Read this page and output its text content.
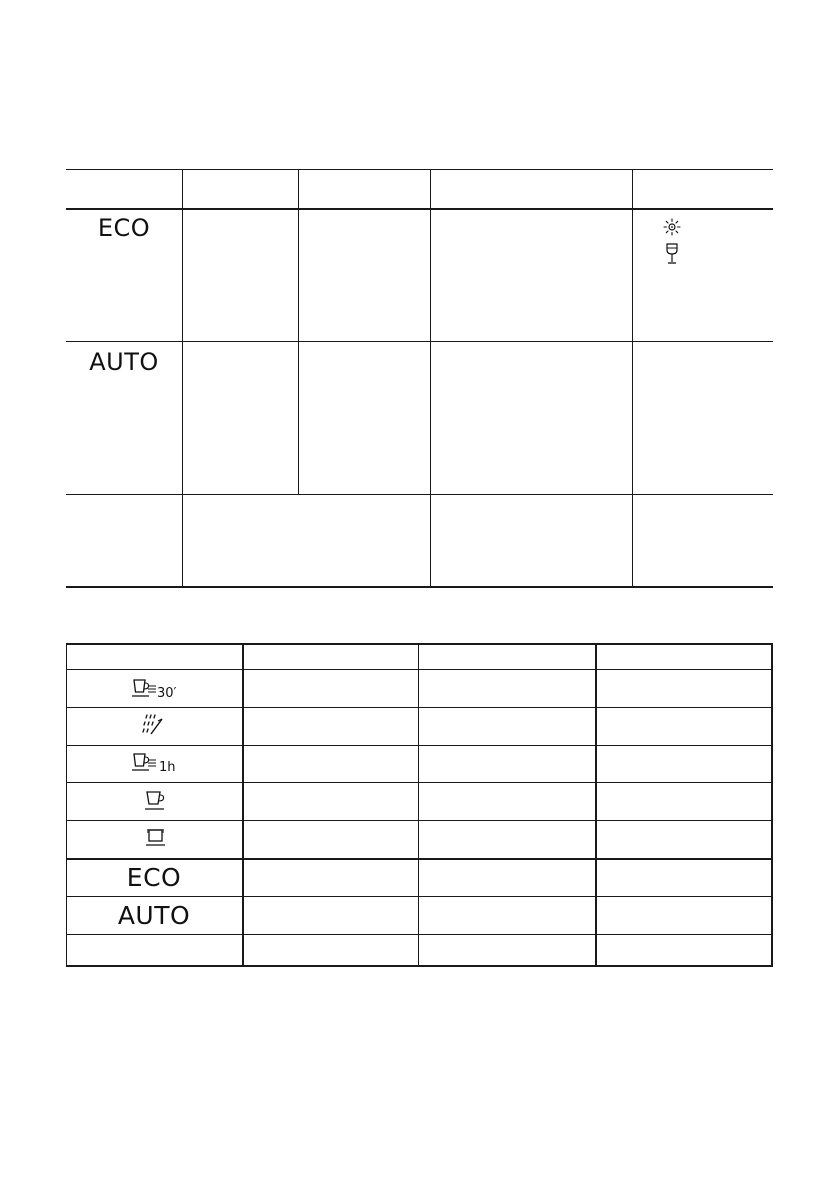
ECO
AUTO
30′
1h
ECO
AUTO
